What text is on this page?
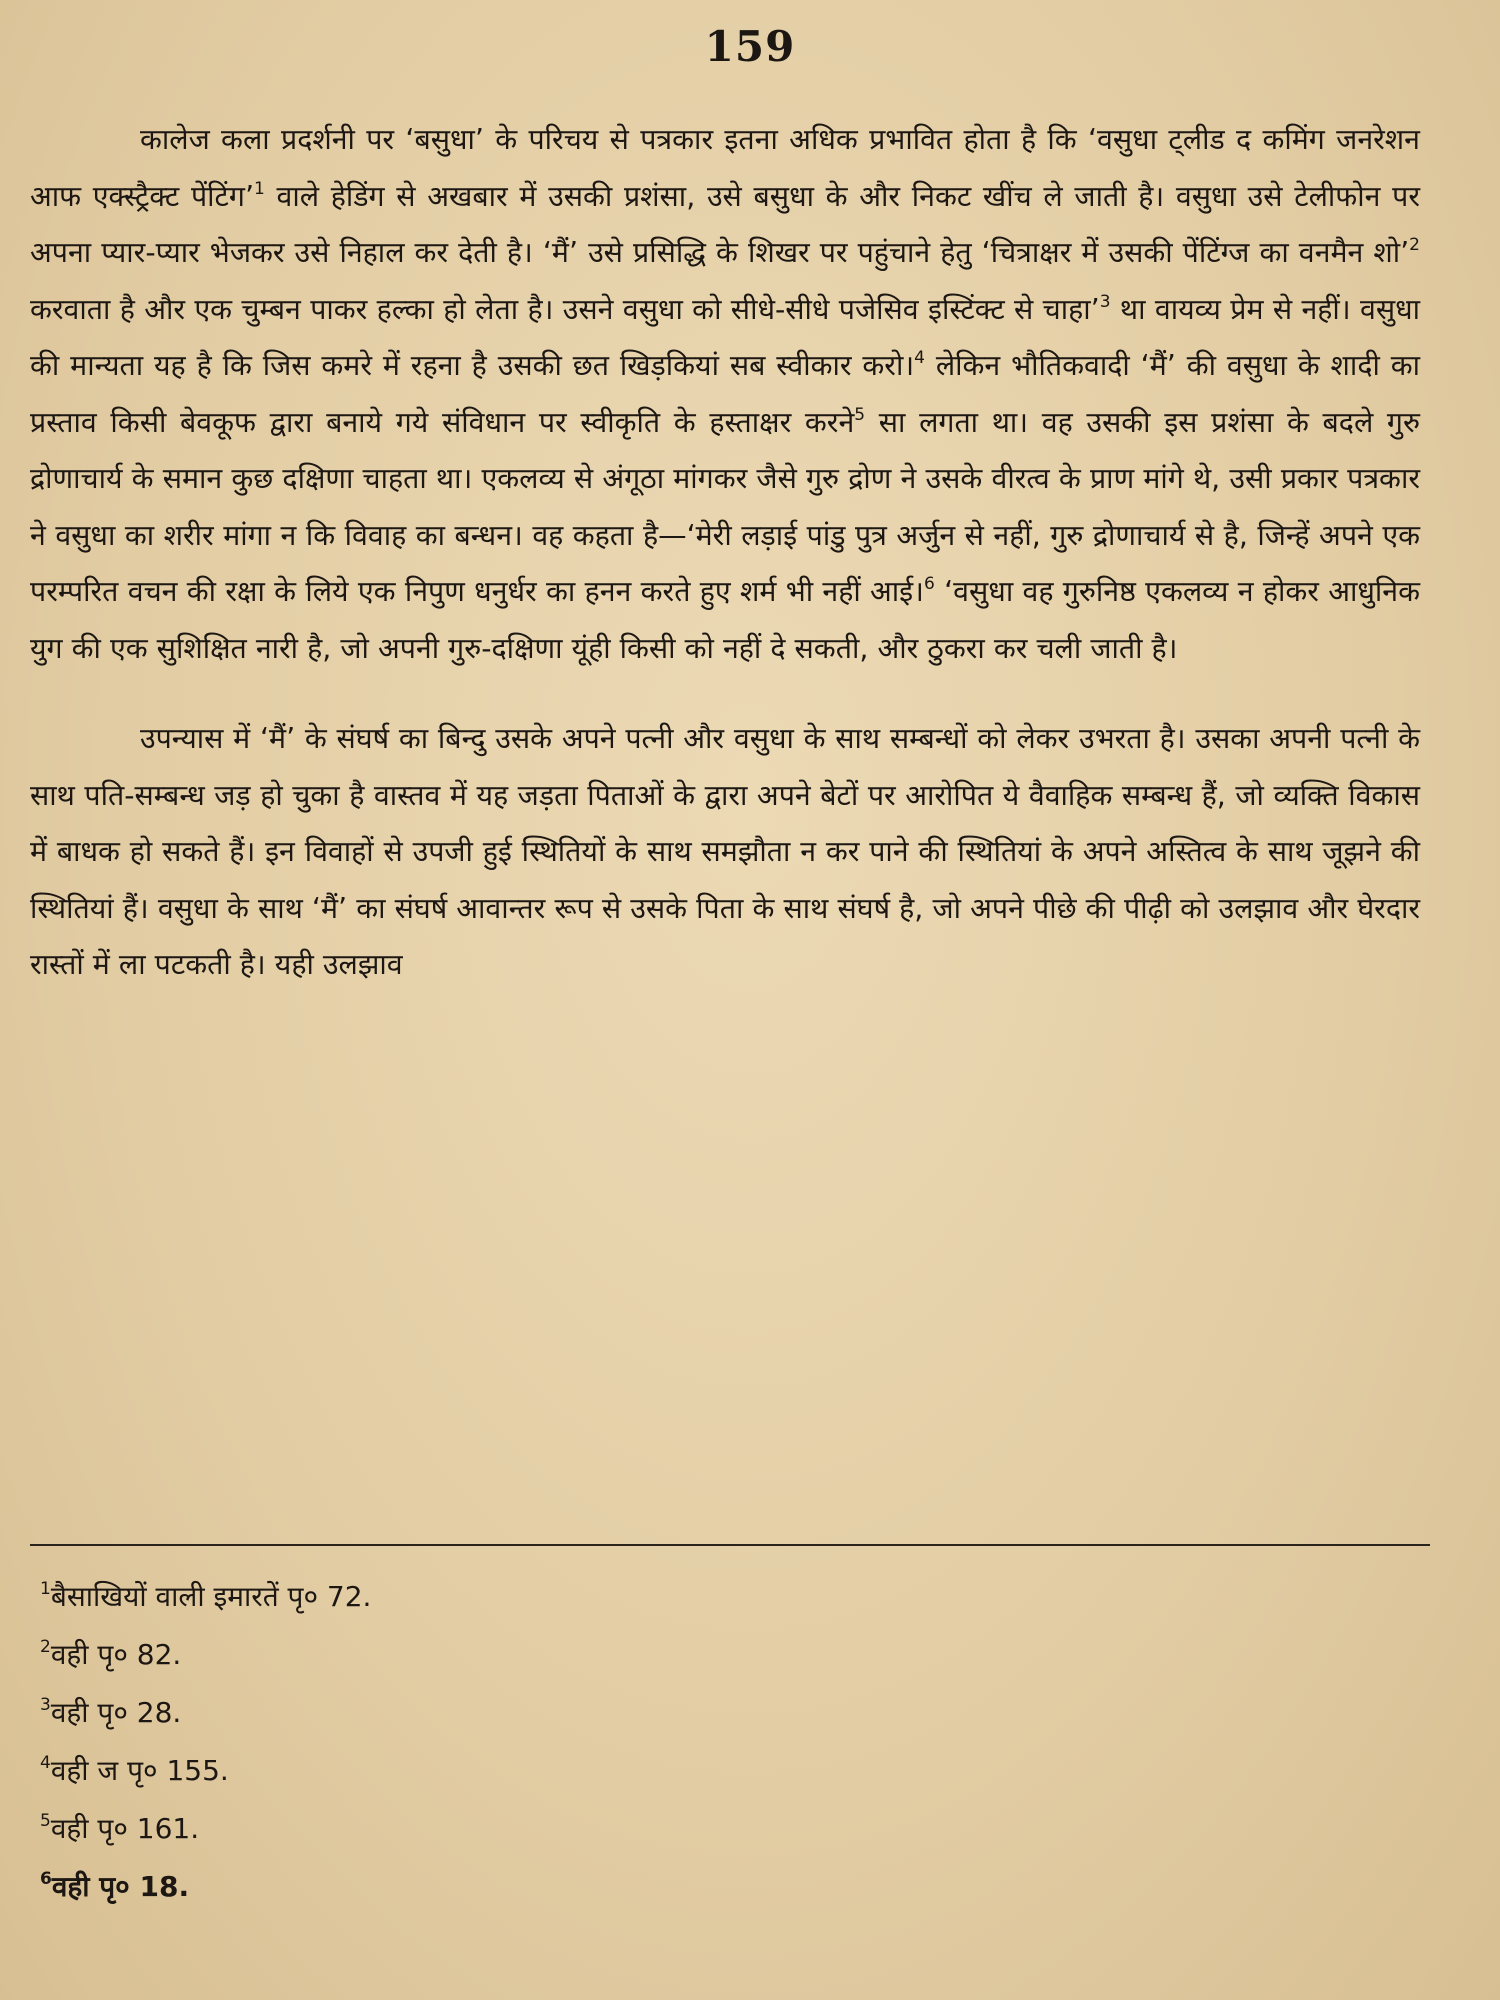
159

कालेज कला प्रदर्शनी पर ‘बसुधा’ के परिचय से पत्रकार इतना अधिक प्रभावित होता है कि ‘वसुधा ट्लीड द कमिंग जनरेशन आफ एक्स्ट्रैक्ट पेंटिंग’$^1$ वाले हेडिंग से अखबार में उसकी प्रशंसा, उसे बसुधा के और निकट खींच ले जाती है। वसुधा उसे टेलीफोन पर अपना प्यार-प्यार भेजकर उसे निहाल कर देती है। ‘मैं’ उसे प्रसिद्धि के शिखर पर पहुंचाने हेतु ‘चित्राक्षर में उसकी पेंटिंग्ज का वनमैन शो’$^2$ करवाता है और एक चुम्बन पाकर हल्का हो लेता है। उसने वसुधा को सीधे-सीधे पजेसिव इस्टिंक्ट से चाहा’$^3$ था वायव्य प्रेम से नहीं। वसुधा की मान्यता यह है कि जिस कमरे में रहना है उसकी छत खिड़कियां सब स्वीकार करो।$^4$ लेकिन भौतिकवादी ‘मैं’ की वसुधा के शादी का प्रस्ताव किसी बेवकूफ द्वारा बनाये गये संविधान पर स्वीकृति के हस्ताक्षर करने$^5$ सा लगता था। वह उसकी इस प्रशंसा के बदले गुरु द्रोणाचार्य के समान कुछ दक्षिणा चाहता था। एकलव्य से अंगूठा मांगकर जैसे गुरु द्रोण ने उसके वीरत्व के प्राण मांगे थे, उसी प्रकार पत्रकार ने वसुधा का शरीर मांगा न कि विवाह का बन्धन। वह कहता है—‘मेरी लड़ाई पांडु पुत्र अर्जुन से नहीं, गुरु द्रोणाचार्य से है, जिन्हें अपने एक परम्परित वचन की रक्षा के लिये एक निपुण धनुर्धर का हनन करते हुए शर्म भी नहीं आई।$^6$ ‘वसुधा वह गुरुनिष्ठ एकलव्य न होकर आधुनिक युग की एक सुशिक्षित नारी है, जो अपनी गुरु-दक्षिणा यूंही किसी को नहीं दे सकती, और ठुकरा कर चली जाती है।

उपन्यास में ‘मैं’ के संघर्ष का बिन्दु उसके अपने पत्नी और वसुधा के साथ सम्बन्धों को लेकर उभरता है। उसका अपनी पत्नी के साथ पति-सम्बन्ध जड़ हो चुका है वास्तव में यह जड़ता पिताओं के द्वारा अपने बेटों पर आरोपित ये वैवाहिक सम्बन्ध हैं, जो व्यक्ति विकास में बाधक हो सकते हैं। इन विवाहों से उपजी हुई स्थितियों के साथ समझौता न कर पाने की स्थितियां के अपने अस्तित्व के साथ जूझने की स्थितियां हैं। वसुधा के साथ ‘मैं’ का संघर्ष आवान्तर रूप से उसके पिता के साथ संघर्ष है, जो अपने पीछे की पीढ़ी को उलझाव और घेरदार रास्तों में ला पटकती है। यही उलझाव

$^1$बैसाखियों वाली इमारतें पृ० 72.
$^2$वही पृ० 82.
$^3$वही पृ० 28.
$^4$वही ज पृ० 155.
$^5$वही पृ० 161.
$^6$वही पृ० 18.
